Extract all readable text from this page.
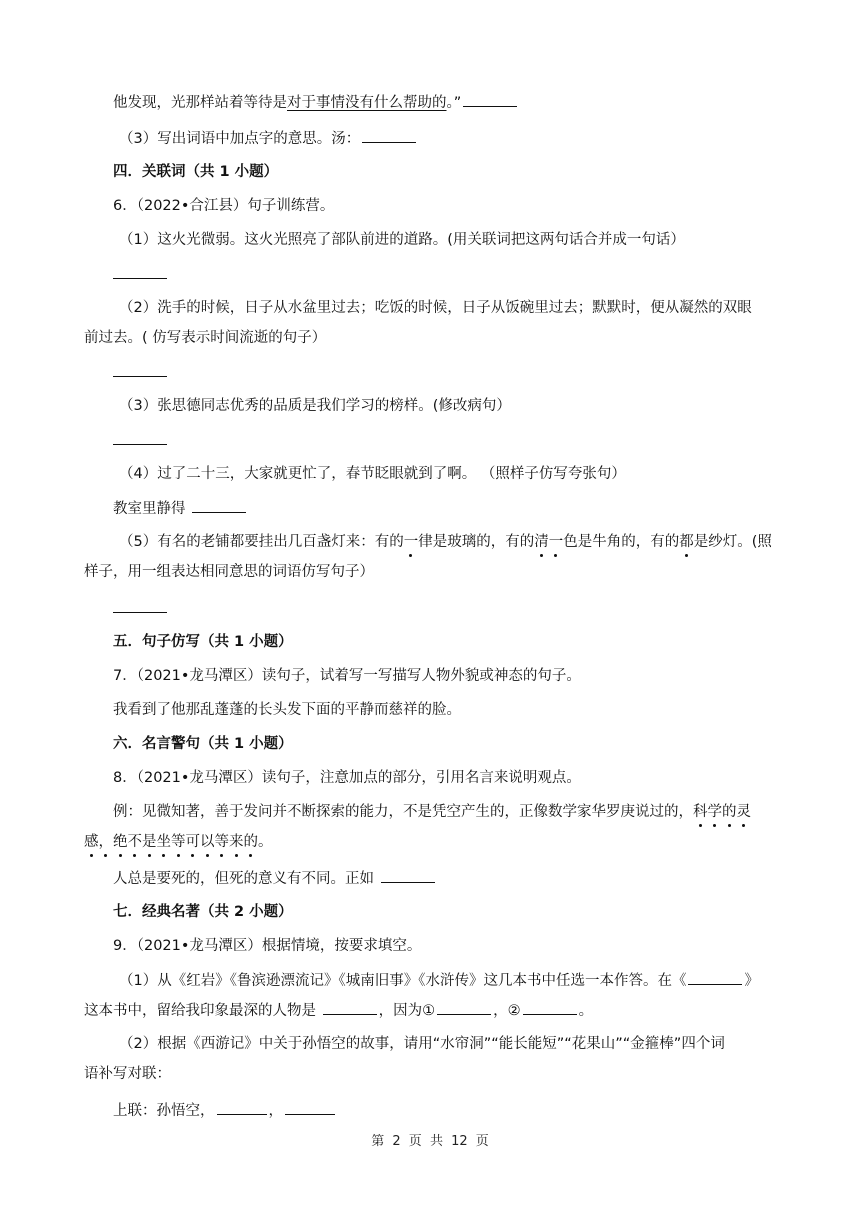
他发现，光那样站着等待是对于事情没有什么帮助的。”
（3）写出词语中加点字的意思。汤：
四．关联词（共 1 小题）
6．（2022•合江县）句子训练营。
（1）这火光微弱。这火光照亮了部队前进的道路。(用关联词把这两句话合并成一句话）
（2）洗手的时候，日子从水盆里过去；吃饭的时候，日子从饭碗里过去；默默时，便从凝然的双眼
前过去。( 仿写表示时间流逝的句子）
（3）张思德同志优秀的品质是我们学习的榜样。(修改病句）
（4）过了二十三，大家就更忙了，春节眨眼就到了啊。 （照样子仿写夸张句）
教室里静得
（5）有名的老铺都要挂出几百盏灯来：有的一律是玻璃的，有的清一色是牛角的，有的都是纱灯。(照
样子，用一组表达相同意思的词语仿写句子）
五．句子仿写（共 1 小题）
7．（2021•龙马潭区）读句子，试着写一写描写人物外貌或神态的句子。
我看到了他那乱蓬蓬的长头发下面的平静而慈祥的脸。
六．名言警句（共 1 小题）
8．（2021•龙马潭区）读句子，注意加点的部分，引用名言来说明观点。
例：见微知著，善于发问并不断探索的能力，不是凭空产生的，正像数学家华罗庚说过的，科学的灵
感，绝不是坐等可以等来的。
人总是要死的，但死的意义有不同。正如
七．经典名著（共 2 小题）
9．（2021•龙马潭区）根据情境，按要求填空。
（1）从《红岩》《鲁滨逊漂流记》《城南旧事》《水浒传》这几本书中任选一本作答。在《	》
这本书中，留给我印象最深的人物是	，因为①	，②	。
（2）根据《西游记》中关于孙悟空的故事，请用“水帘洞”“能长能短”“花果山”“金箍棒”四个词
语补写对联：
上联：孙悟空，	，
第 2 页 共 12 页
